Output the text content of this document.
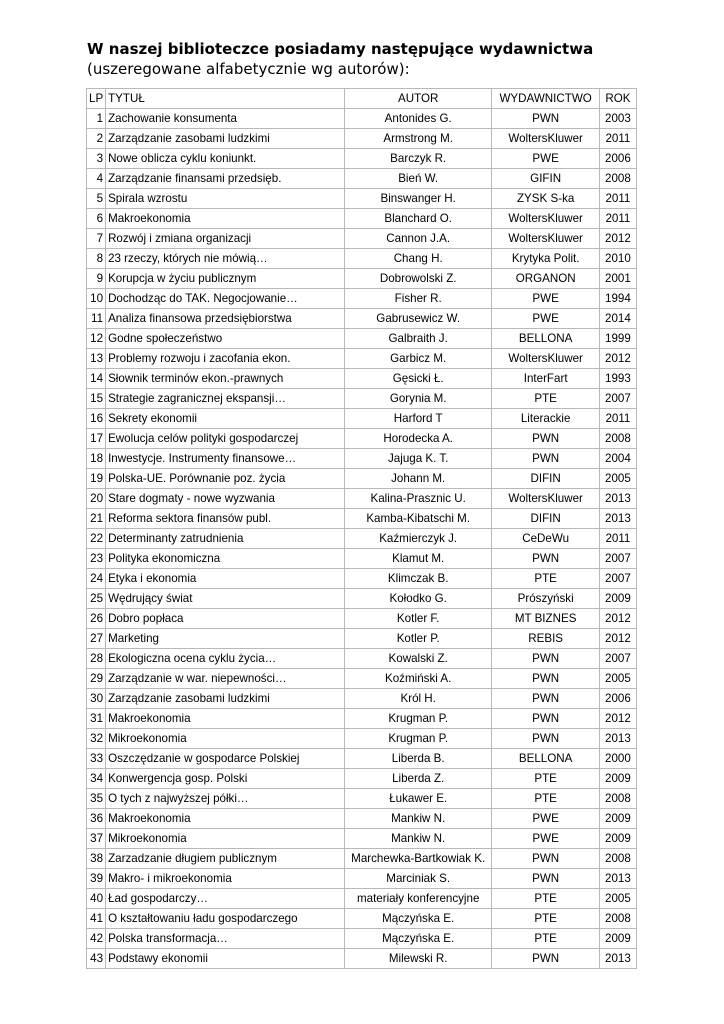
W naszej biblioteczce posiadamy następujące wydawnictwa
(uszeregowane alfabetycznie wg autorów):
LP	TYTUŁ	AUTOR	WYDAWNICTWO	ROK
1	Zachowanie konsumenta	Antonides G.	PWN	2003
2	Zarządzanie zasobami ludzkimi	Armstrong M.	WoltersKluwer	2011
3	Nowe oblicza cyklu koniunkt.	Barczyk R.	PWE	2006
4	Zarządzanie finansami przedsięb.	Bień W.	GIFIN	2008
5	Spirala wzrostu	Binswanger H.	ZYSK S-ka	2011
6	Makroekonomia	Blanchard O.	WoltersKluwer	2011
7	Rozwój i zmiana organizacji	Cannon J.A.	WoltersKluwer	2012
8	23 rzeczy, których nie mówią…	Chang H.	Krytyka Polit.	2010
9	Korupcja w życiu publicznym	Dobrowolski Z.	ORGANON	2001
10	Dochodząc do TAK. Negocjowanie…	Fisher R.	PWE	1994
11	Analiza finansowa przedsiębiorstwa	Gabrusewicz W.	PWE	2014
12	Godne społeczeństwo	Galbraith J.	BELLONA	1999
13	Problemy rozwoju i zacofania ekon.	Garbicz M.	WoltersKluwer	2012
14	Słownik terminów ekon.-prawnych	Gęsicki Ł.	InterFart	1993
15	Strategie zagranicznej ekspansji…	Gorynia M.	PTE	2007
16	Sekrety ekonomii	Harford T	Literackie	2011
17	Ewolucja celów polityki gospodarczej	Horodecka A.	PWN	2008
18	Inwestycje. Instrumenty finansowe…	Jajuga K. T.	PWN	2004
19	Polska-UE. Porównanie poz. życia	Johann M.	DIFIN	2005
20	Stare dogmaty - nowe wyzwania	Kalina-Prasznic U.	WoltersKluwer	2013
21	Reforma sektora finansów publ.	Kamba-Kibatschi M.	DIFIN	2013
22	Determinanty zatrudnienia	Kaźmierczyk J.	CeDeWu	2011
23	Polityka ekonomiczna	Klamut M.	PWN	2007
24	Etyka i ekonomia	Klimczak B.	PTE	2007
25	Wędrujący świat	Kołodko G.	Prószyński	2009
26	Dobro popłaca	Kotler F.	MT BIZNES	2012
27	Marketing	Kotler P.	REBIS	2012
28	Ekologiczna ocena cyklu życia…	Kowalski Z.	PWN	2007
29	Zarządzanie w war. niepewności…	Koźmiński A.	PWN	2005
30	Zarządzanie zasobami ludzkimi	Król H.	PWN	2006
31	Makroekonomia	Krugman P.	PWN	2012
32	Mikroekonomia	Krugman P.	PWN	2013
33	Oszczędzanie w gospodarce Polskiej	Liberda B.	BELLONA	2000
34	Konwergencja gosp. Polski	Liberda Z.	PTE	2009
35	O tych z najwyższej półki…	Łukawer E.	PTE	2008
36	Makroekonomia	Mankiw N.	PWE	2009
37	Mikroekonomia	Mankiw N.	PWE	2009
38	Zarzadzanie długiem publicznym	Marchewka-Bartkowiak K.	PWN	2008
39	Makro- i mikroekonomia	Marciniak S.	PWN	2013
40	Ład gospodarczy…	materiały konferencyjne	PTE	2005
41	O kształtowaniu ładu gospodarczego	Mączyńska E.	PTE	2008
42	Polska transformacja…	Mączyńska E.	PTE	2009
43	Podstawy ekonomii	Milewski R.	PWN	2013
